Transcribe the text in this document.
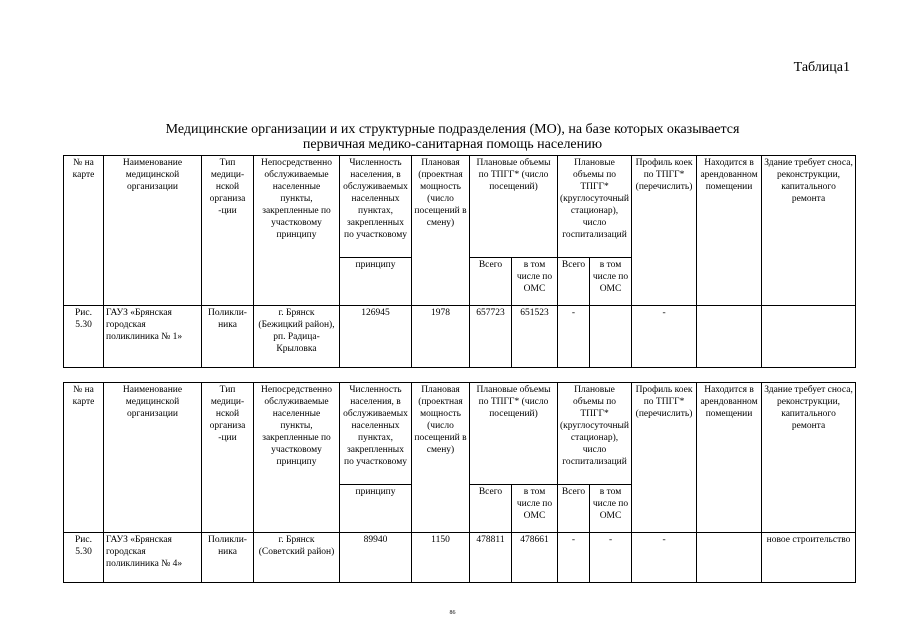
Таблица1
Медицинские организации и их структурные подразделения (МО), на базе которых оказывается
первичная медико-санитарная помощь населению
№ на карте	Наименование медицинской организации	Тип медици-нской организа -ции	Непосредственно обслуживаемые населенные пункты, закрепленные по участковому принципу	Численность населения, в обслуживаемых населенных пунктах, закрепленных по участковому	Плановая (проектная мощность (число посещений в смену)	Плановые объемы по ТПГГ* (число посещений)		Плановые объемы по ТПГГ* (круглосуточный стационар), число госпитализаций		Профиль коек по ТПГГ* (перечислить)	Находится в арендованном помещении	Здание требует сноса, реконструкции, капитального ремонта
				принципу		Всего	в том числе по ОМС	Всего	в том числе по ОМС			
Рис. 5.30	ГАУЗ «Брянская городская поликлиника № 1»	Поликли-ника	г. Брянск (Бежицкий район), рп. Радица-Крыловка	126945	1978	657723	651523	-		-		
№ на карте	Наименование медицинской организации	Тип медици-нской организа -ции	Непосредственно обслуживаемые населенные пункты, закрепленные по участковому принципу	Численность населения, в обслуживаемых населенных пунктах, закрепленных по участковому	Плановая (проектная мощность (число посещений в смену)	Плановые объемы по ТПГГ* (число посещений)		Плановые объемы по ТПГГ* (круглосуточный стационар), число госпитализаций		Профиль коек по ТПГГ* (перечислить)	Находится в арендованном помещении	Здание требует сноса, реконструкции, капитального ремонта
				принципу		Всего	в том числе по ОМС	Всего	в том числе по ОМС			
Рис. 5.30	ГАУЗ «Брянская городская поликлиника № 4»	Поликли-ника	г. Брянск (Советский район)	89940	1150	478811	478661	-	-	-		новое строительство
86
